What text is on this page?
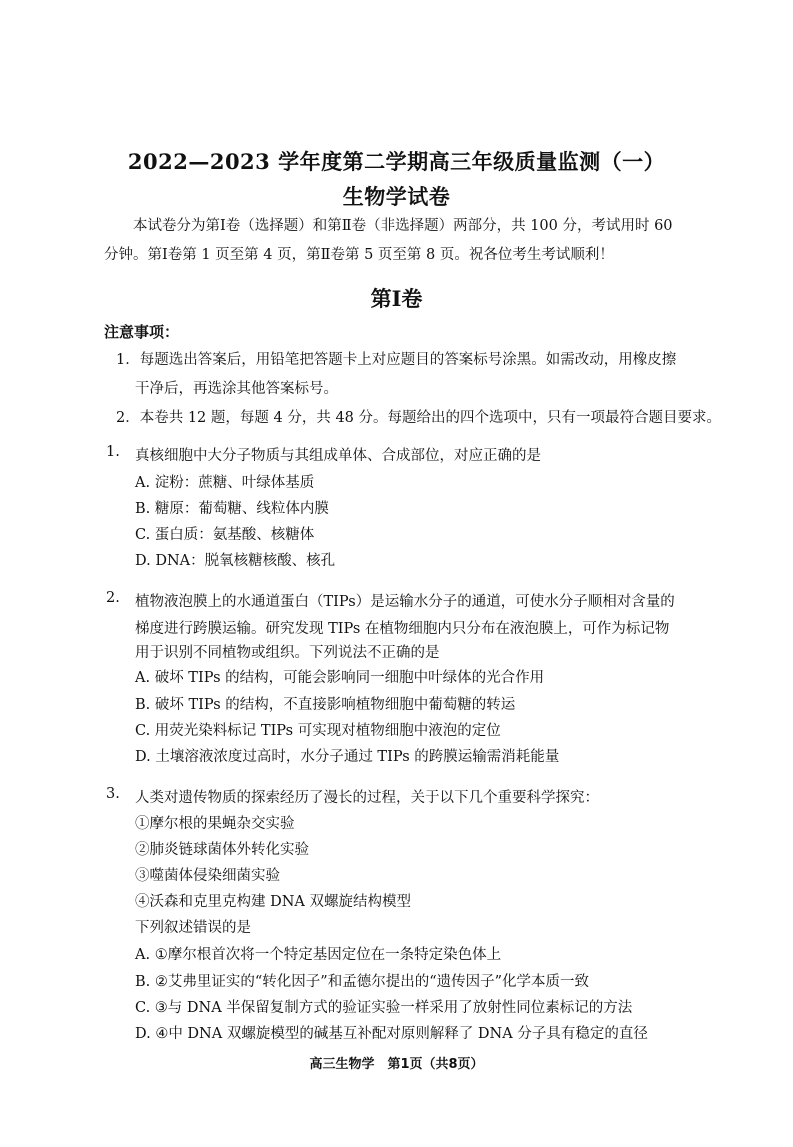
2022—2023 学年度第二学期高三年级质量监测（一）
生物学试卷
本试卷分为第Ⅰ卷（选择题）和第Ⅱ卷（非选择题）两部分，共 100 分，考试用时 60
分钟。第Ⅰ卷第 1 页至第 4 页，第Ⅱ卷第 5 页至第 8 页。祝各位考生考试顺利！
第Ⅰ卷
注意事项：
1．每题选出答案后，用铅笔把答题卡上对应题目的答案标号涂黑。如需改动，用橡皮擦
干净后，再选涂其他答案标号。
2．本卷共 12 题，每题 4 分，共 48 分。每题给出的四个选项中，只有一项最符合题目要求。
1. 真核细胞中大分子物质与其组成单体、合成部位，对应正确的是
A. 淀粉：蔗糖、叶绿体基质
B. 糖原：葡萄糖、线粒体内膜
C. 蛋白质：氨基酸、核糖体
D. DNA：脱氧核糖核酸、核孔
2. 植物液泡膜上的水通道蛋白（TIPs）是运输水分子的通道，可使水分子顺相对含量的
梯度进行跨膜运输。研究发现 TIPs 在植物细胞内只分布在液泡膜上，可作为标记物
用于识别不同植物或组织。下列说法不正确的是
A. 破坏 TIPs 的结构，可能会影响同一细胞中叶绿体的光合作用
B. 破坏 TIPs 的结构，不直接影响植物细胞中葡萄糖的转运
C. 用荧光染料标记 TIPs 可实现对植物细胞中液泡的定位
D. 土壤溶液浓度过高时，水分子通过 TIPs 的跨膜运输需消耗能量
3. 人类对遗传物质的探索经历了漫长的过程，关于以下几个重要科学探究：
①摩尔根的果蝇杂交实验
②肺炎链球菌体外转化实验
③噬菌体侵染细菌实验
④沃森和克里克构建 DNA 双螺旋结构模型
下列叙述错误的是
A. ①摩尔根首次将一个特定基因定位在一条特定染色体上
B. ②艾弗里证实的“转化因子”和孟德尔提出的“遗传因子”化学本质一致
C. ③与 DNA 半保留复制方式的验证实验一样采用了放射性同位素标记的方法
D. ④中 DNA 双螺旋模型的碱基互补配对原则解释了 DNA 分子具有稳定的直径
高三生物学　第1页（共8页）
